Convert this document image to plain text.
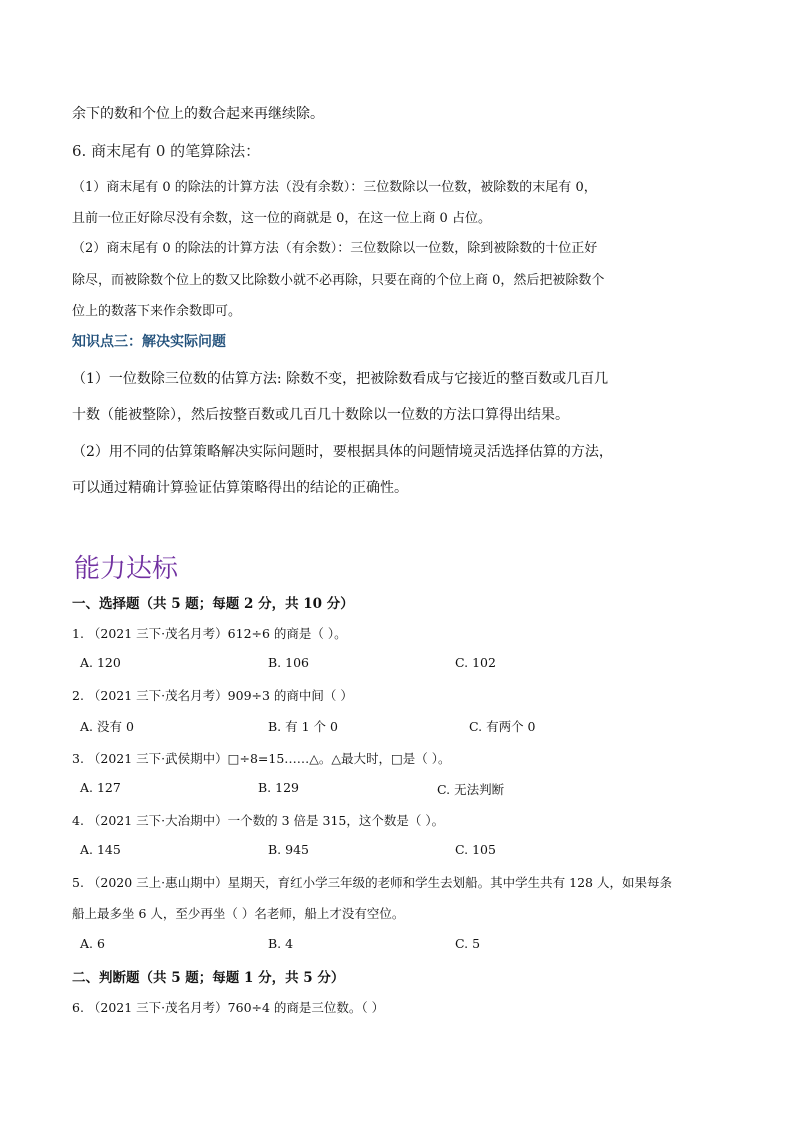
余下的数和个位上的数合起来再继续除。

6. 商末尾有 0 的笔算除法：

（1）商末尾有 0 的除法的计算方法（没有余数）：三位数除以一位数，被除数的末尾有 0，

且前一位正好除尽没有余数，这一位的商就是 0，在这一位上商 0 占位。

（2）商末尾有 0 的除法的计算方法（有余数）：三位数除以一位数，除到被除数的十位正好

除尽，而被除数个位上的数又比除数小就不必再除，只要在商的个位上商 0，然后把被除数个

位上的数落下来作余数即可。

知识点三：解决实际问题

（1）一位数除三位数的估算方法: 除数不变，把被除数看成与它接近的整百数或几百几

十数（能被整除），然后按整百数或几百几十数除以一位数的方法口算得出结果。

（2）用不同的估算策略解决实际问题时，要根据具体的问题情境灵活选择估算的方法，

可以通过精确计算验证估算策略得出的结论的正确性。

能力达标

一、选择题（共 5 题；每题 2 分，共 10 分）

1. （2021 三下·茂名月考）612÷6 的商是（ ）。

A. 120	B. 106	C. 102

2. （2021 三下·茂名月考）909÷3 的商中间（ ）

A. 没有 0	B. 有 1 个 0	C. 有两个 0

3. （2021 三下·武侯期中）□÷8=15……△。△最大时，□是（ ）。

A. 127	B. 129	C. 无法判断

4. （2021 三下·大冶期中）一个数的 3 倍是 315，这个数是（ ）。

A. 145	B. 945	C. 105

5. （2020 三上·惠山期中）星期天，育红小学三年级的老师和学生去划船。其中学生共有 128 人，如果每条

船上最多坐 6 人，至少再坐（ ）名老师，船上才没有空位。

A. 6	B. 4	C. 5

二、判断题（共 5 题；每题 1 分，共 5 分）

6. （2021 三下·茂名月考）760÷4 的商是三位数。（ ）
